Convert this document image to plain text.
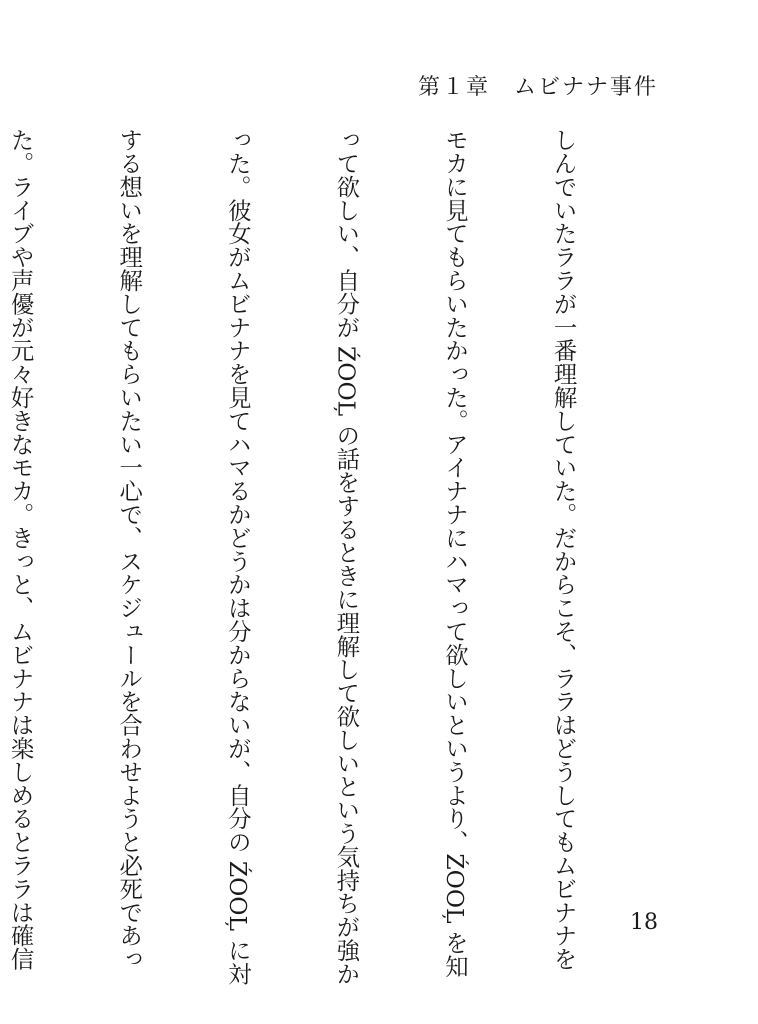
第１章　ムビナナ事件

しんでいたララが一番理解していた。だからこそ、ララはどうしてもムビナナを

モカに見てもらいたかった。アイナナにハマって欲しいというより、ŹOOĻ を知

って欲しい、自分が ŹOOĻ の話をするときに理解して欲しいという気持ちが強か

った。彼女がムビナナを見てハマるかどうかは分からないが、自分の ŹOOĻ に対

する想いを理解してもらいたい一心で、スケジュールを合わせようと必死であっ

た。ライブや声優が元々好きなモカ。きっと、ムビナナは楽しめるとララは確信

	18
